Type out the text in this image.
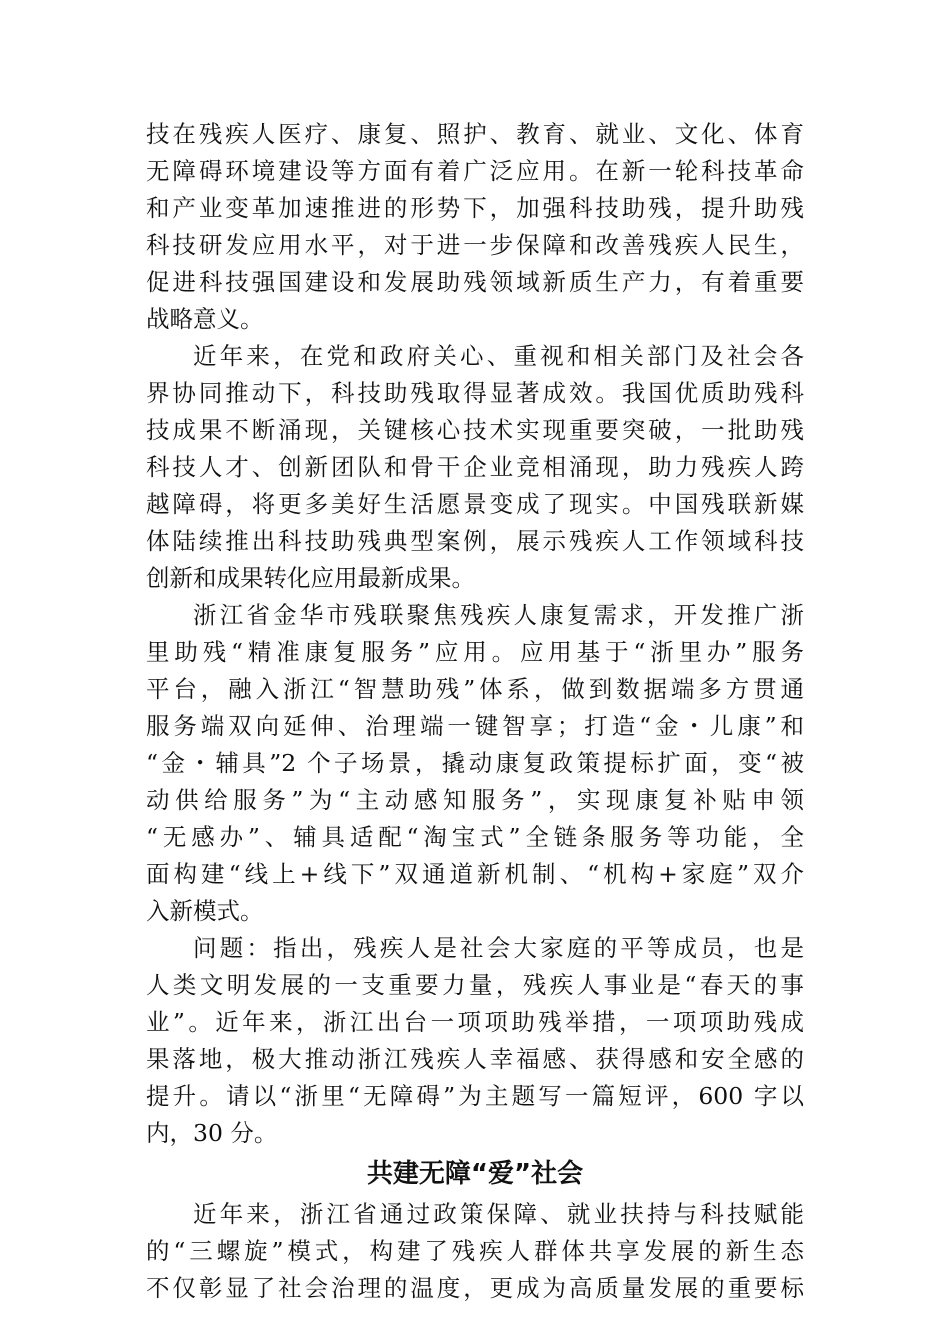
技在残疾人医疗、康复、照护、教育、就业、文化、体育
无障碍环境建设等方面有着广泛应用。在新一轮科技革命
和产业变革加速推进的形势下，加强科技助残，提升助残
科技研发应用水平，对于进一步保障和改善残疾人民生，
促进科技强国建设和发展助残领域新质生产力，有着重要
战略意义。
近年来，在党和政府关心、重视和相关部门及社会各
界协同推动下，科技助残取得显著成效。我国优质助残科
技成果不断涌现，关键核心技术实现重要突破，一批助残
科技人才、创新团队和骨干企业竞相涌现，助力残疾人跨
越障碍，将更多美好生活愿景变成了现实。中国残联新媒
体陆续推出科技助残典型案例，展示残疾人工作领域科技
创新和成果转化应用最新成果。
浙江省金华市残联聚焦残疾人康复需求，开发推广浙
里助残“精准康复服务”应用。应用基于“浙里办”服务
平台，融入浙江“智慧助残”体系，做到数据端多方贯通
服务端双向延伸、治理端一键智享；打造“金・儿康”和
“金・辅具”2 个子场景，撬动康复政策提标扩面，变“被
动供给服务”为“主动感知服务”，实现康复补贴申领
“无感办”、辅具适配“淘宝式”全链条服务等功能，全
面构建“线上+线下”双通道新机制、“机构+家庭”双介
入新模式。
问题：指出，残疾人是社会大家庭的平等成员，也是
人类文明发展的一支重要力量，残疾人事业是“春天的事
业”。近年来，浙江出台一项项助残举措，一项项助残成
果落地，极大推动浙江残疾人幸福感、获得感和安全感的
提升。请以“浙里“无障碍”为主题写一篇短评，600 字以
内，30 分。
共建无障“爱”社会
近年来，浙江省通过政策保障、就业扶持与科技赋能
的“三螺旋”模式，构建了残疾人群体共享发展的新生态
不仅彰显了社会治理的温度，更成为高质量发展的重要标
